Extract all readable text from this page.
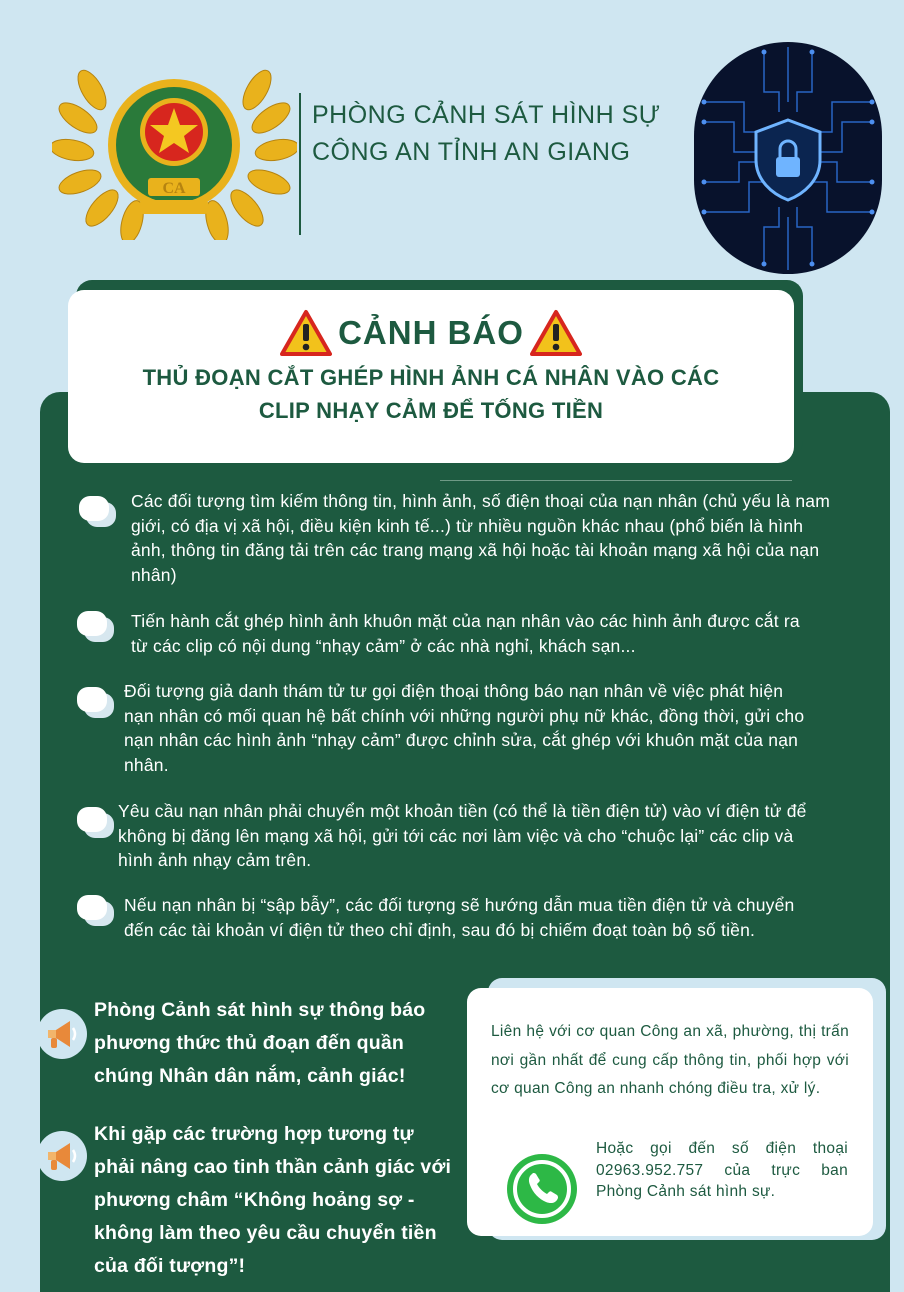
CA
PHÒNG CẢNH SÁT HÌNH SỰ
CÔNG AN TỈNH AN GIANG
CẢNH BÁO
THỦ ĐOẠN CẮT GHÉP HÌNH ẢNH CÁ NHÂN VÀO CÁC
CLIP NHẠY CẢM ĐỂ TỐNG TIỀN
Các đối tượng tìm kiếm thông tin, hình ảnh, số điện thoại của nạn nhân (chủ yếu là nam giới, có địa vị xã hội, điều kiện kinh tế...) từ nhiều nguồn khác nhau (phổ biến là hình ảnh, thông tin đăng tải trên các trang mạng xã hội hoặc tài khoản mạng xã hội của nạn nhân)
Tiến hành cắt ghép hình ảnh khuôn mặt của nạn nhân vào các hình ảnh được cắt ra từ các clip có nội dung “nhạy cảm” ở các nhà nghỉ, khách sạn...
Đối tượng giả danh thám tử tư gọi điện thoại thông báo nạn nhân về việc phát hiện nạn nhân có mối quan hệ bất chính với những người phụ nữ khác, đồng thời, gửi cho nạn nhân các hình ảnh “nhạy cảm” được chỉnh sửa, cắt ghép với khuôn mặt của nạn nhân.
Yêu cầu nạn nhân phải chuyển một khoản tiền (có thể là tiền điện tử) vào ví điện tử để không bị đăng lên mạng xã hội, gửi tới các nơi làm việc và cho “chuộc lại” các clip và hình ảnh nhạy cảm trên.
Nếu nạn nhân bị “sập bẫy”, các đối tượng sẽ hướng dẫn mua tiền điện tử và chuyển đến các tài khoản ví điện tử theo chỉ định, sau đó bị chiếm đoạt toàn bộ số tiền.
Phòng Cảnh sát hình sự thông báo phương thức thủ đoạn đến quần chúng Nhân dân nắm, cảnh giác!
Khi gặp các trường hợp tương tự phải nâng cao tinh thần cảnh giác với phương châm “Không hoảng sợ - không làm theo yêu cầu chuyển tiền của đối tượng”!
Liên hệ với cơ quan Công an xã, phường, thị trấn nơi gần nhất để cung cấp thông tin, phối hợp với cơ quan Công an nhanh chóng điều tra, xử lý.
Hoặc gọi đến số điện thoại 02963.952.757 của trực ban Phòng Cảnh sát hình sự.
